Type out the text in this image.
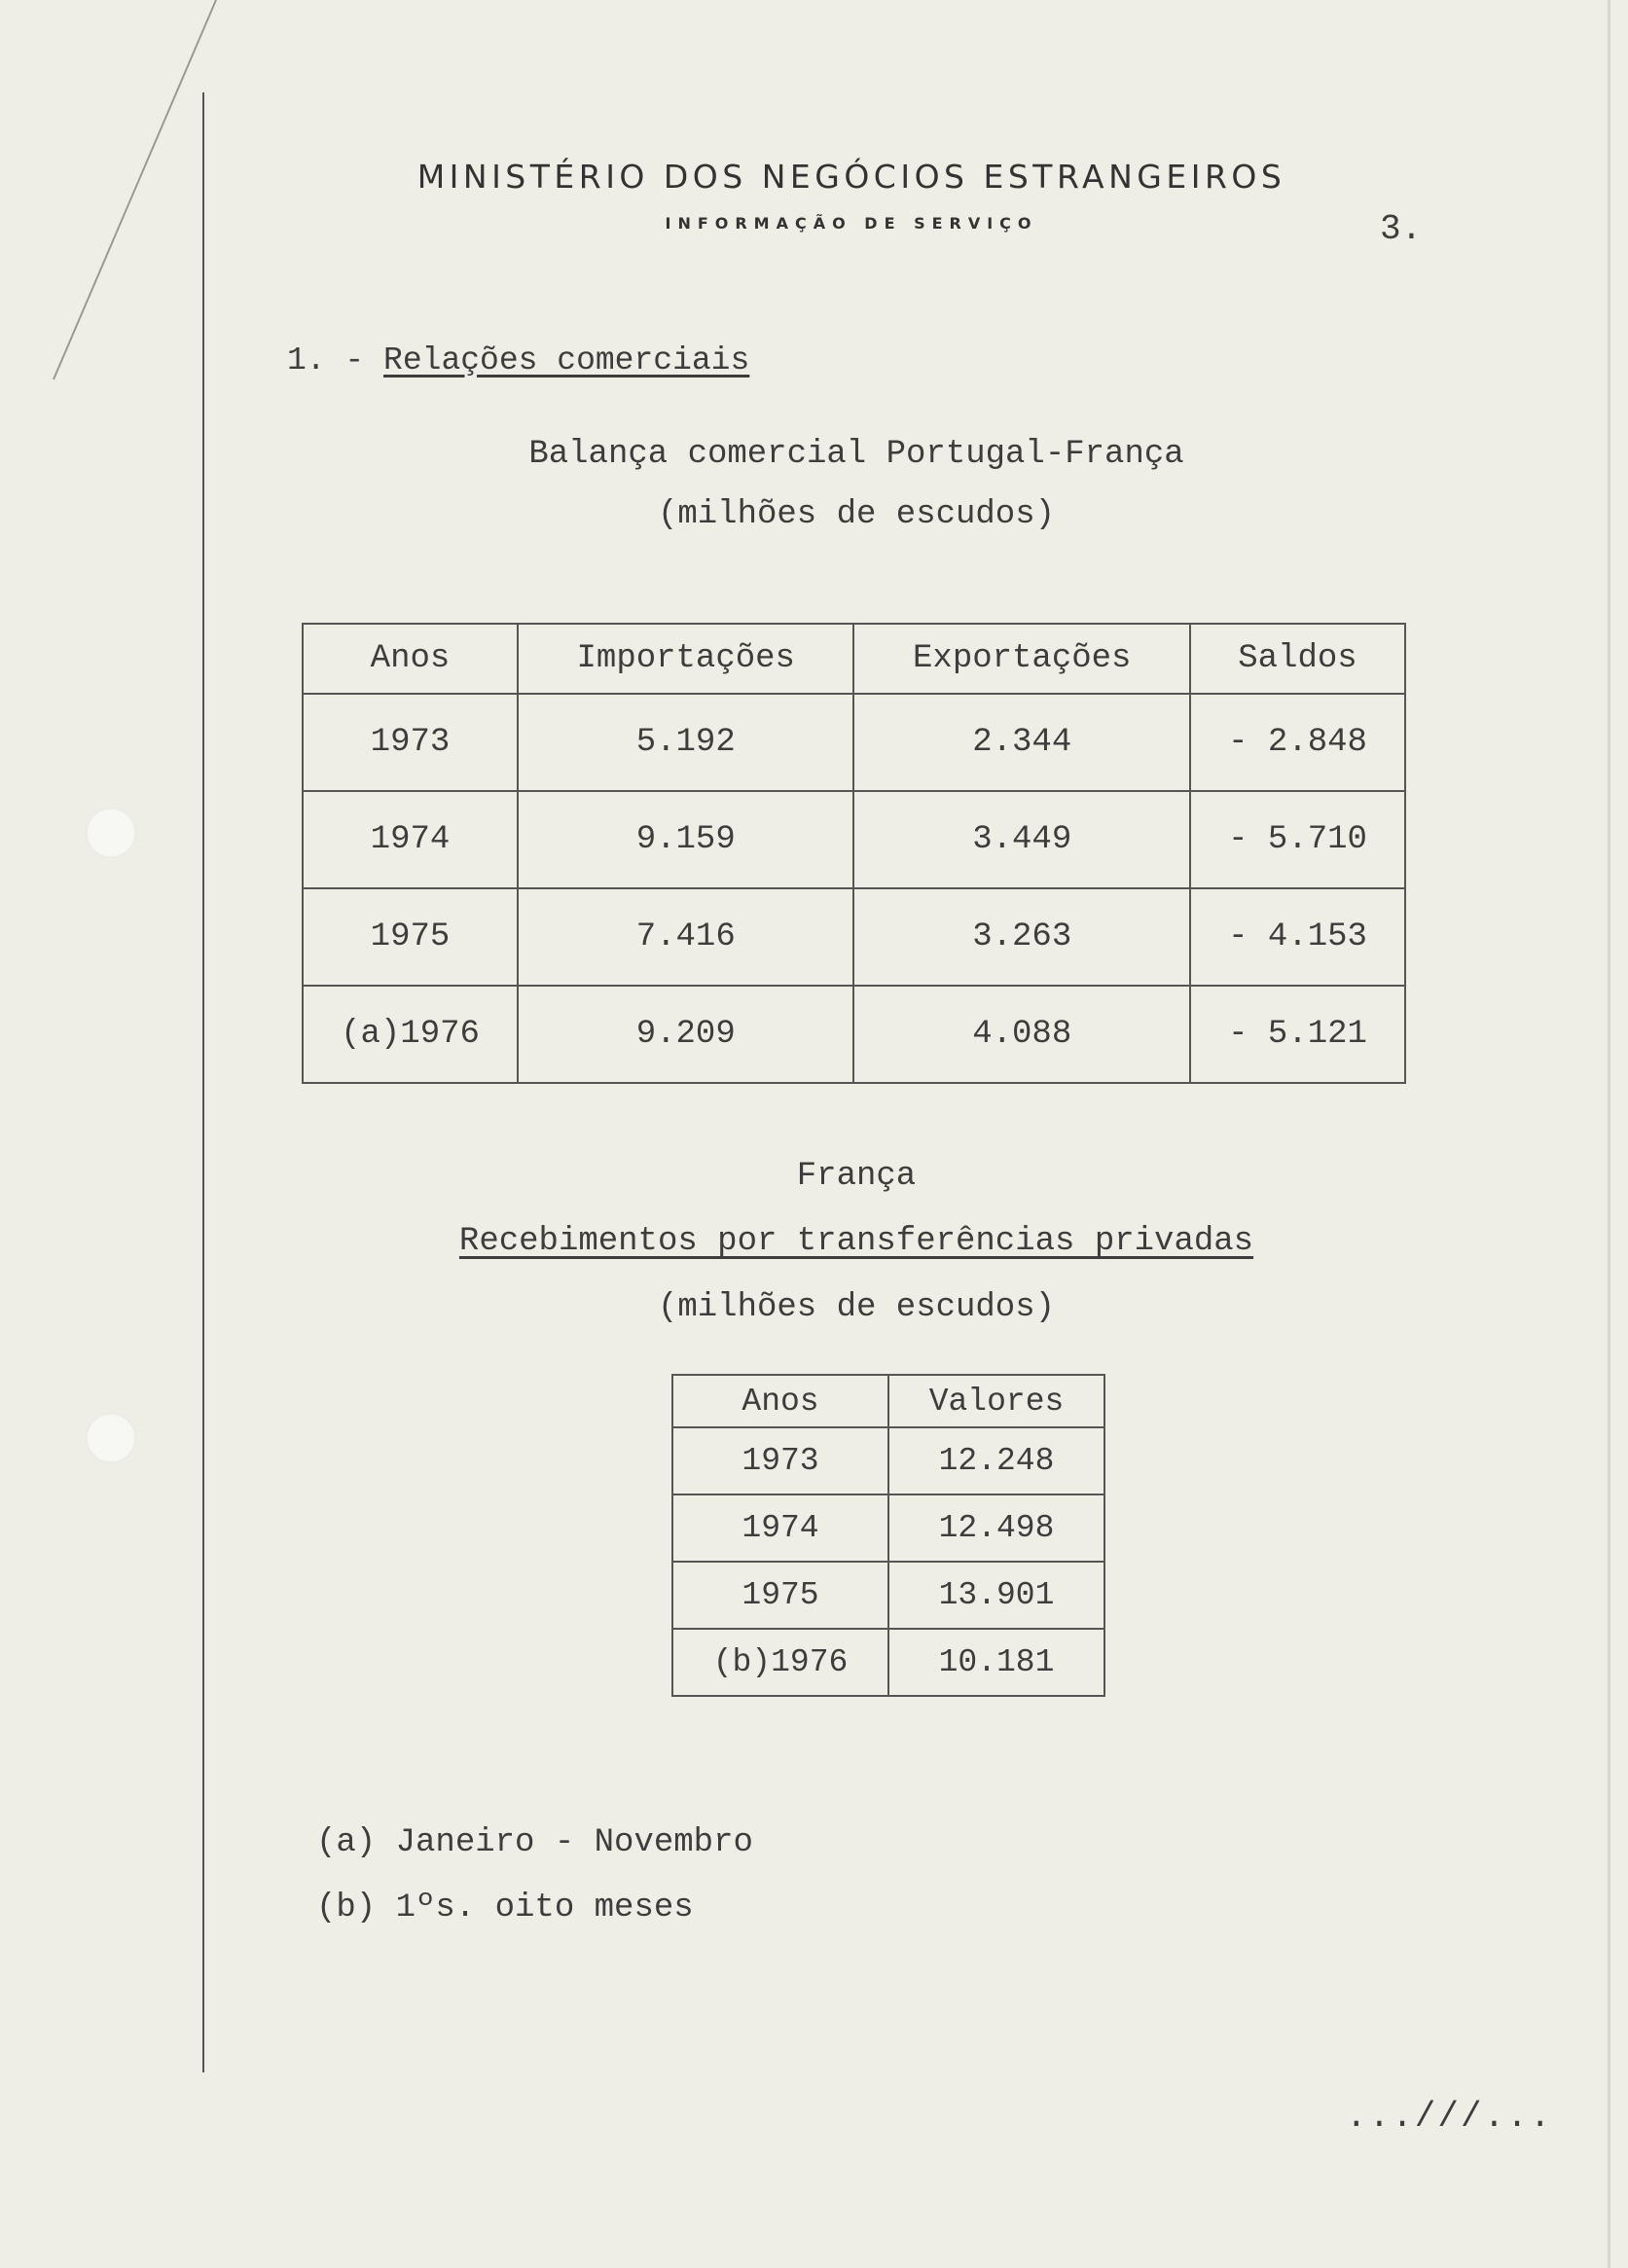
MINISTÉRIO DOS NEGÓCIOS ESTRANGEIROS
INFORMAÇÃO DE SERVIÇO	3.
1. - Relações comerciais
Balança comercial Portugal-França
(milhões de escudos)
Anos	Importações	Exportações	Saldos
1973	5.192	2.344	- 2.848
1974	9.159	3.449	- 5.710
1975	7.416	3.263	- 4.153
(a)1976	9.209	4.088	- 5.121
França
Recebimentos por transferências privadas
(milhões de escudos)
Anos	Valores
1973	12.248
1974	12.498
1975	13.901
(b)1976	10.181
(a) Janeiro - Novembro
(b) 1ºs. oito meses
...///...
